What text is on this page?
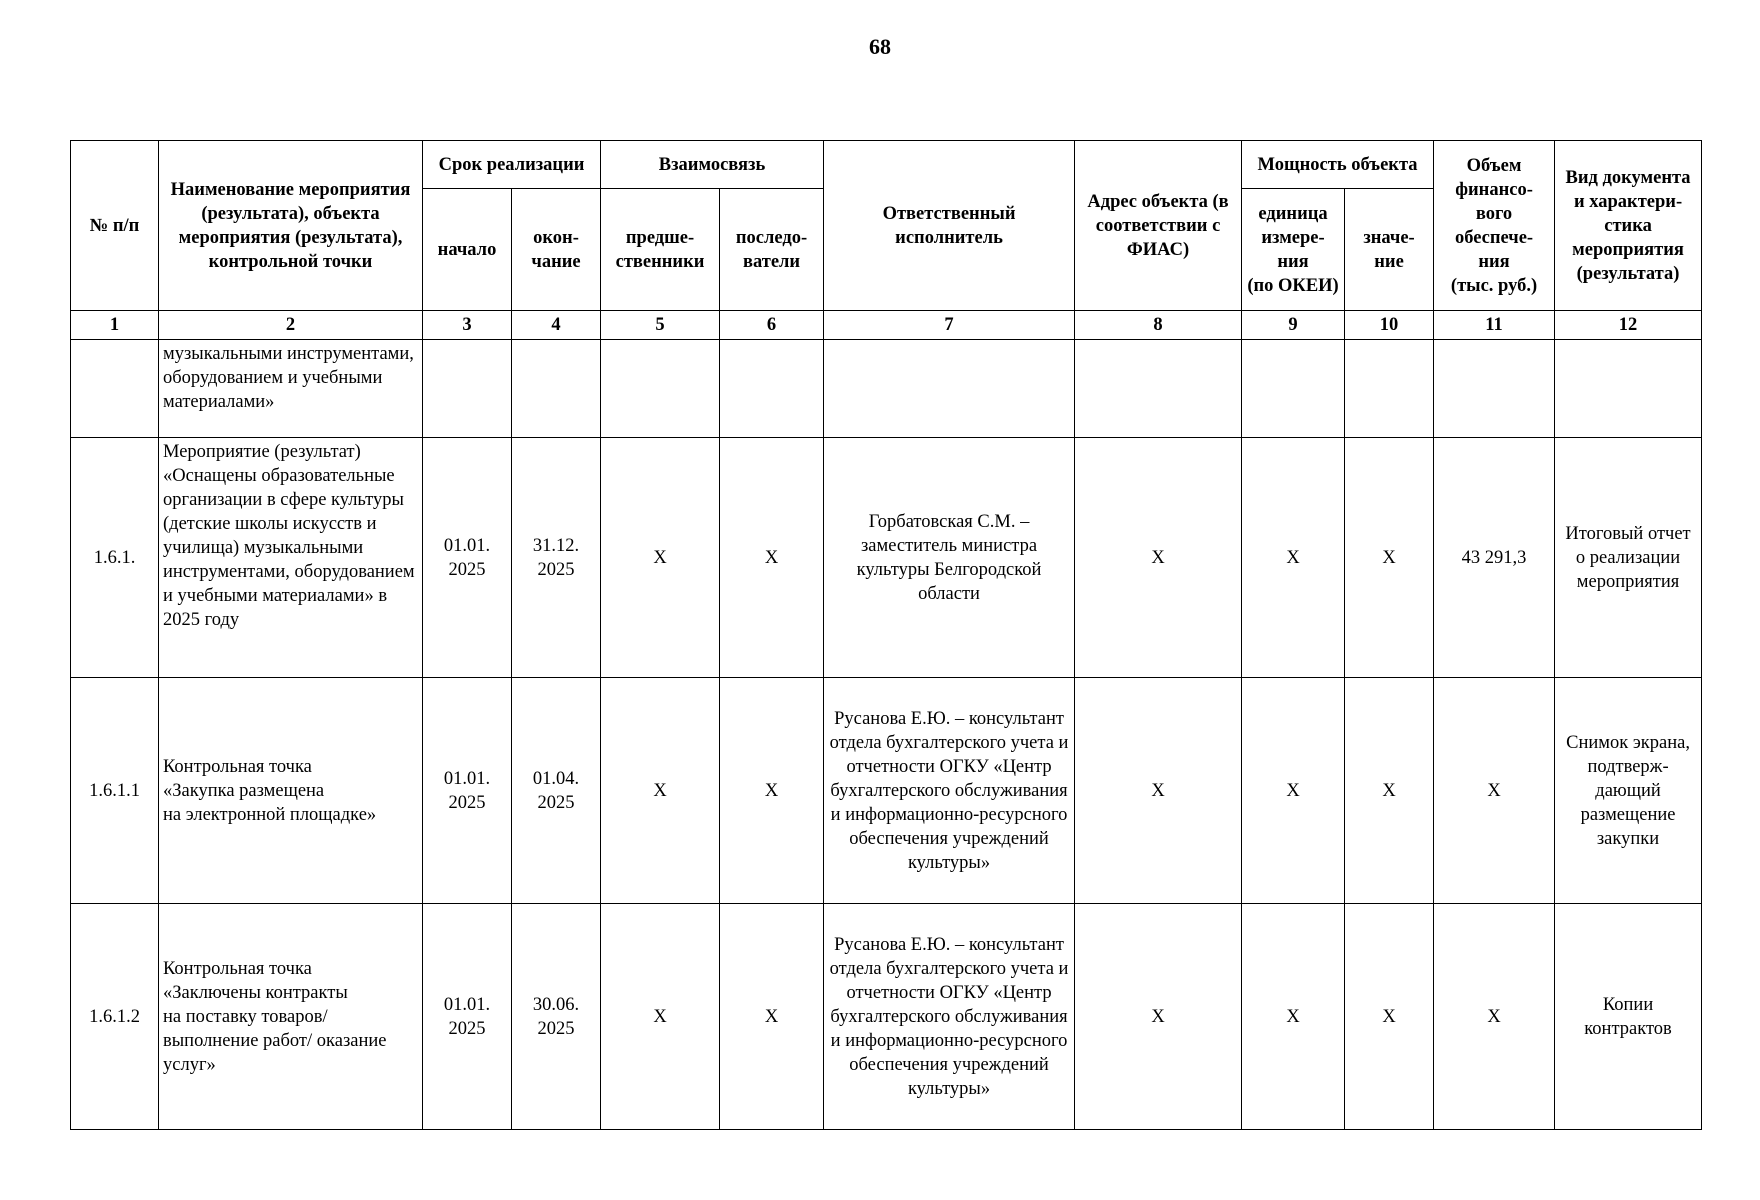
68
№ п/п	Наименование мероприятия (результата), объекта мероприятия (результата), контрольной точки	Срок реализации		Взаимосвязь		Ответственный исполнитель	Адрес объекта (в соответствии с ФИАС)	Мощность объекта		Объем финансо-
вого обеспече-
ния
(тыс. руб.)	Вид документа и характери-
стика мероприятия (результата)
		начало	окон-
чание	предше-
ственники	последо-
ватели			единица измере-
ния
(по ОКЕИ)	значе-
ние		
1	2	3	4	5	6	7	8	9	10	11	12
	музыкальными инструментами, оборудованием и учебными материалами»										
1.6.1.	Мероприятие (результат) «Оснащены образовательные организации в сфере культуры (детские школы искусств и училища) музыкальными инструментами, оборудованием и учебными материалами» в 2025 году	01.01.
2025	31.12.
2025	X	X	Горбатовская С.М. – заместитель министра культуры Белгородской области	X	X	X	43 291,3	Итоговый отчет
о реализации мероприятия
1.6.1.1	Контрольная точка
«Закупка размещена
на электронной площадке»	01.01.
2025	01.04.
2025	X	X	Русанова Е.Ю. – консультант отдела бухгалтерского учета и отчетности ОГКУ «Центр бухгалтерского обслуживания и информационно-ресурсного обеспечения учреждений культуры»	X	X	X	X	Снимок экрана, подтверж-
дающий размещение закупки
1.6.1.2	Контрольная точка
«Заключены контракты
на поставку товаров/ выполнение работ/ оказание услуг»	01.01.
2025	30.06.
2025	X	X	Русанова Е.Ю. – консультант отдела бухгалтерского учета и отчетности ОГКУ «Центр бухгалтерского обслуживания и информационно-ресурсного обеспечения учреждений культуры»	X	X	X	X	Копии контрактов
